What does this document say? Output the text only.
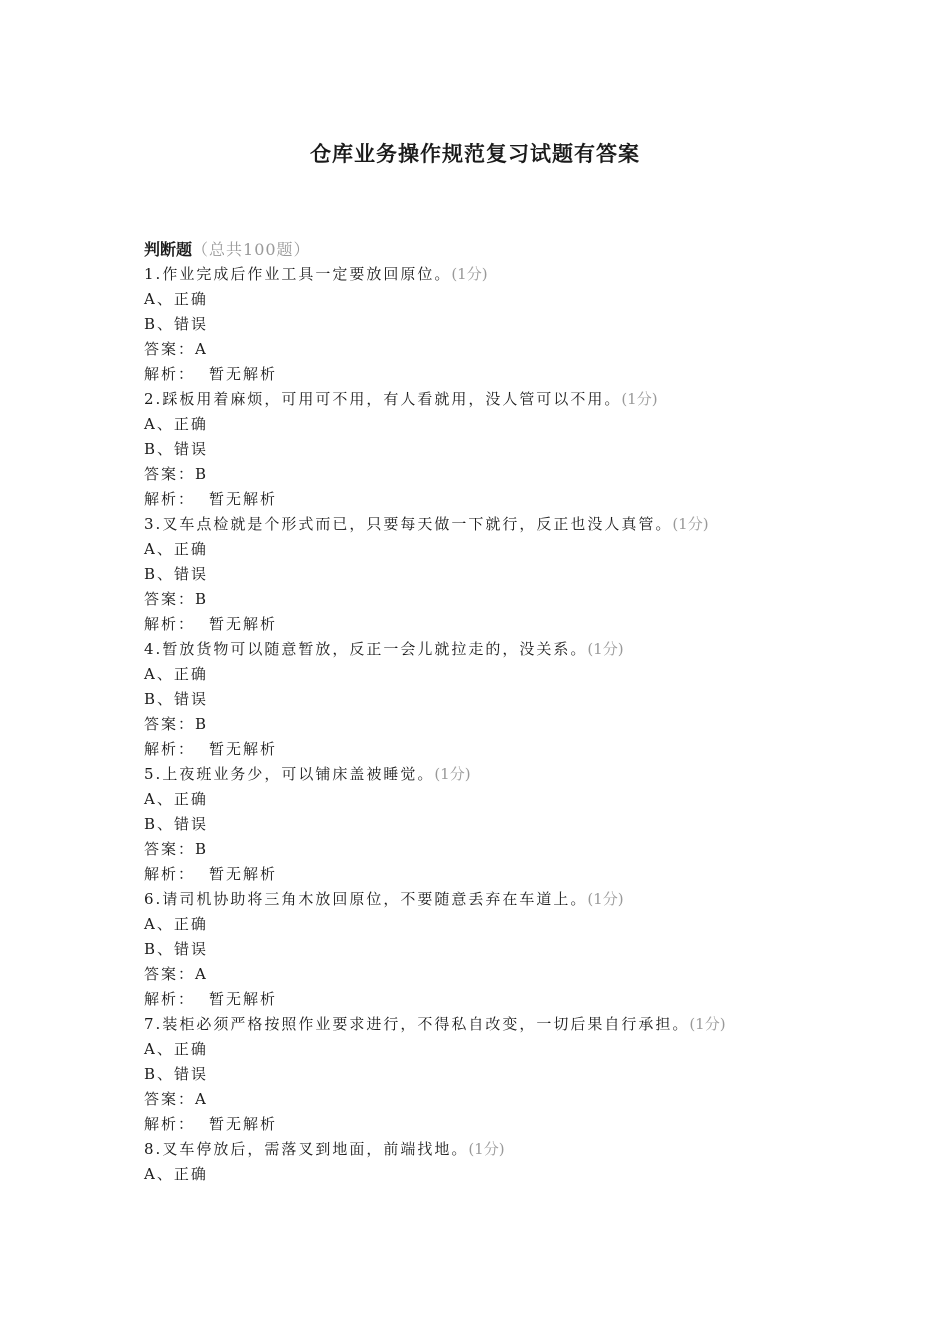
仓库业务操作规范复习试题有答案
判断题（总共100题）
1.作业完成后作业工具一定要放回原位。(1分)
A、正确
B、错误
答案：A
解析： 暂无解析
2.踩板用着麻烦，可用可不用，有人看就用，没人管可以不用。(1分)
A、正确
B、错误
答案：B
解析： 暂无解析
3.叉车点检就是个形式而已，只要每天做一下就行，反正也没人真管。(1分)
A、正确
B、错误
答案：B
解析： 暂无解析
4.暂放货物可以随意暂放，反正一会儿就拉走的，没关系。(1分)
A、正确
B、错误
答案：B
解析： 暂无解析
5.上夜班业务少，可以铺床盖被睡觉。(1分)
A、正确
B、错误
答案：B
解析： 暂无解析
6.请司机协助将三角木放回原位，不要随意丢弃在车道上。(1分)
A、正确
B、错误
答案：A
解析： 暂无解析
7.装柜必须严格按照作业要求进行，不得私自改变，一切后果自行承担。(1分)
A、正确
B、错误
答案：A
解析： 暂无解析
8.叉车停放后，需落叉到地面，前端找地。(1分)
A、正确
